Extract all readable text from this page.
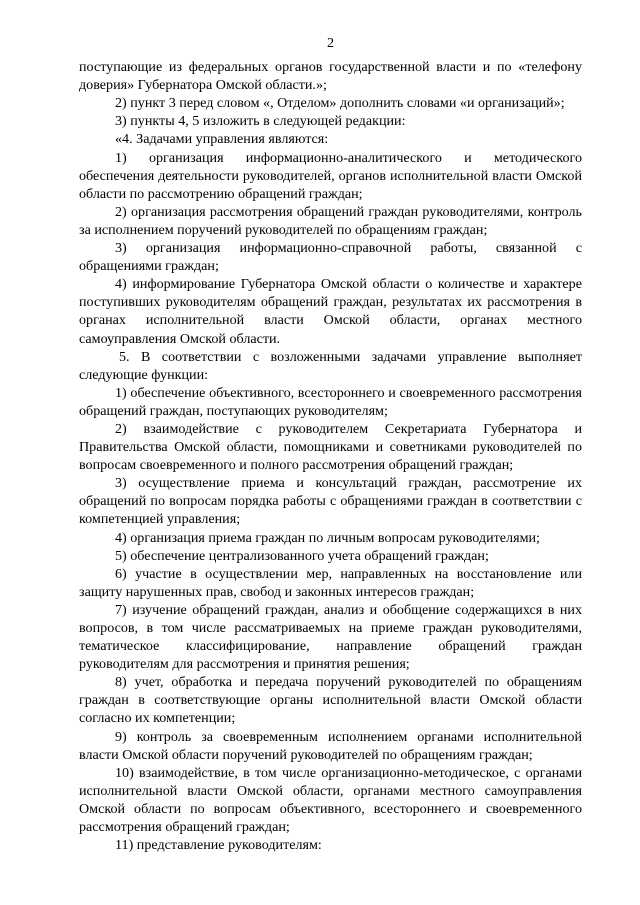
2

поступающие из федеральных органов государственной власти и по «телефону доверия» Губернатора Омской области.»;

2) пункт 3 перед словом «, Отделом» дополнить словами «и организаций»;

3) пункты 4, 5 изложить в следующей редакции:

«4. Задачами управления являются:

1) организация информационно-аналитического и методического обеспечения деятельности руководителей, органов исполнительной власти Омской области по рассмотрению обращений граждан;

2) организация рассмотрения обращений граждан руководителями, контроль за исполнением поручений руководителей по обращениям граждан;

3) организация информационно-справочной работы, связанной с обращениями граждан;

4) информирование Губернатора Омской области о количестве и характере поступивших руководителям обращений граждан, результатах их рассмотрения в органах исполнительной власти Омской области, органах местного самоуправления Омской области.

5. В соответствии с возложенными задачами управление выполняет следующие функции:

1) обеспечение объективного, всестороннего и своевременного рассмотрения обращений граждан, поступающих руководителям;

2) взаимодействие с руководителем Секретариата Губернатора и Правительства Омской области, помощниками и советниками руководителей по вопросам своевременного и полного рассмотрения обращений граждан;

3) осуществление приема и консультаций граждан, рассмотрение их обращений по вопросам порядка работы с обращениями граждан в соответствии с компетенцией управления;

4) организация приема граждан по личным вопросам руководителями;

5) обеспечение централизованного учета обращений граждан;

6) участие в осуществлении мер, направленных на восстановление или защиту нарушенных прав, свобод и законных интересов граждан;

7) изучение обращений граждан, анализ и обобщение содержащихся в них вопросов, в том числе рассматриваемых на приеме граждан руководителями, тематическое классифицирование, направление обращений граждан руководителям для рассмотрения и принятия решения;

8) учет, обработка и передача поручений руководителей по обращениям граждан в соответствующие органы исполнительной власти Омской области согласно их компетенции;

9) контроль за своевременным исполнением органами исполнительной власти Омской области поручений руководителей по обращениям граждан;

10) взаимодействие, в том числе организационно-методическое, с органами исполнительной власти Омской области, органами местного самоуправления Омской области по вопросам объективного, всестороннего и своевременного рассмотрения обращений граждан;

11) представление руководителям:
